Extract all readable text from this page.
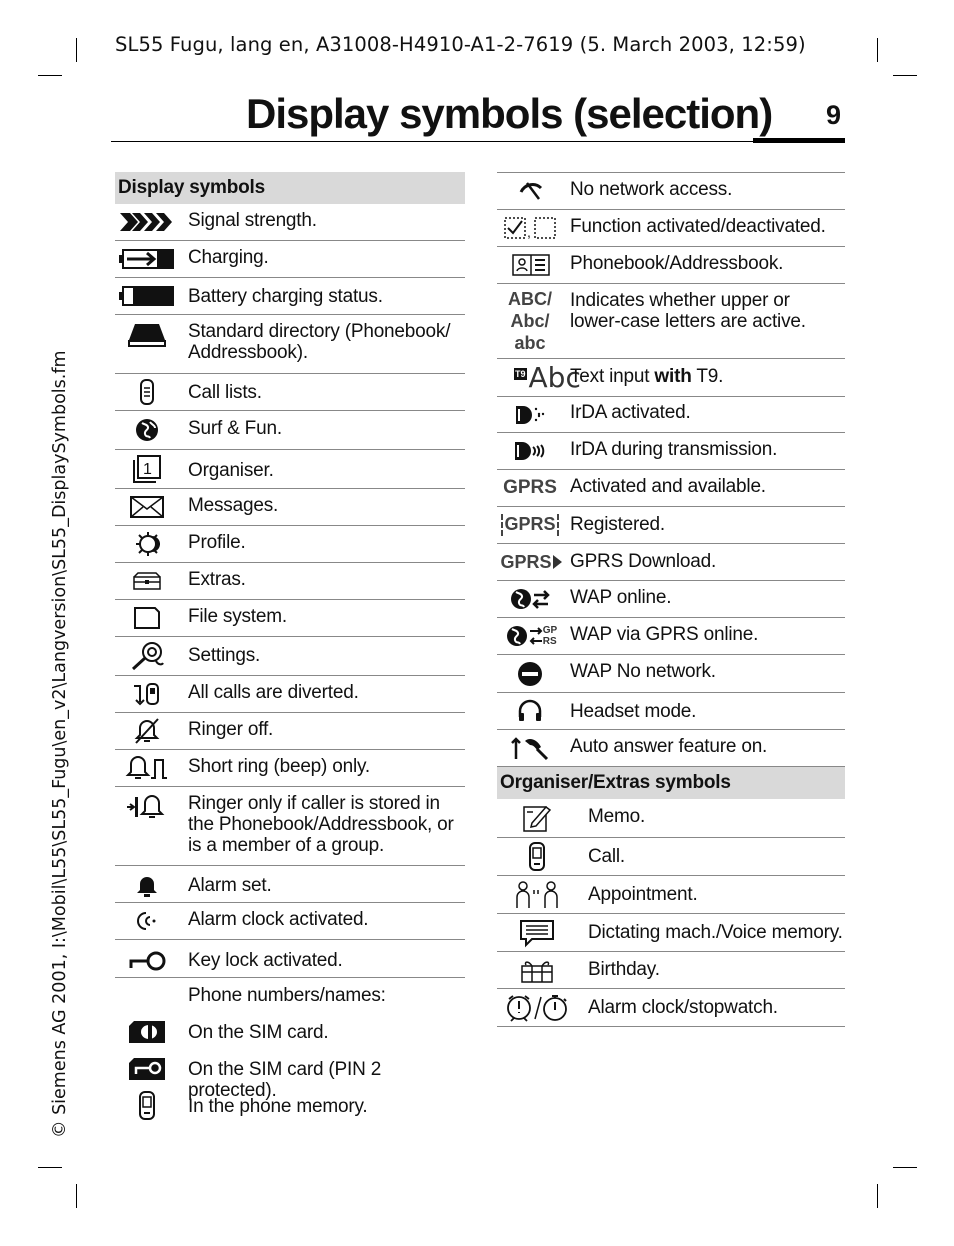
SL55 Fugu, lang en, A31008-H4910-A1-2-7619 (5. March 2003, 12:59)
Display symbols (selection) 9
© Siemens AG 2001, I:\Mobil\L55\SL55_Fugu\en_v2\Langversion\SL55_DisplaySymbols.fm
Display symbols
Signal strength.
Charging.
Battery charging status.
Standard directory (Phonebook/ Addressbook).
Call lists.
Surf & Fun.
1 Organiser.
Messages.
Profile.
Extras.
File system.
Settings.
All calls are diverted.
Ringer off.
Short ring (beep) only.
Ringer only if caller is stored in the Phonebook/Addressbook, or is a member of a group.
Alarm set.
Alarm clock activated.
Key lock activated.
Phone numbers/names:
On the SIM card.
On the SIM card (PIN 2 protected).
In the phone memory.
No network access.
, Function activated/deactivated.
Phonebook/Addressbook.
ABC/
Abc/
abc
Indicates whether upper or lower-case letters are active.
T9 Abc
Text input with T9.
IrDA activated.
IrDA during transmission.
GPRS Activated and available.
GPRS Registered.
GPRS GPRS Download.
WAP online.
GP
RS WAP via GPRS online.
WAP No network.
Headset mode.
Auto answer feature on.
Organiser/Extras symbols
Memo.
Call.
Appointment.
Dictating mach./Voice memory.
Birthday.
Alarm clock/stopwatch.
